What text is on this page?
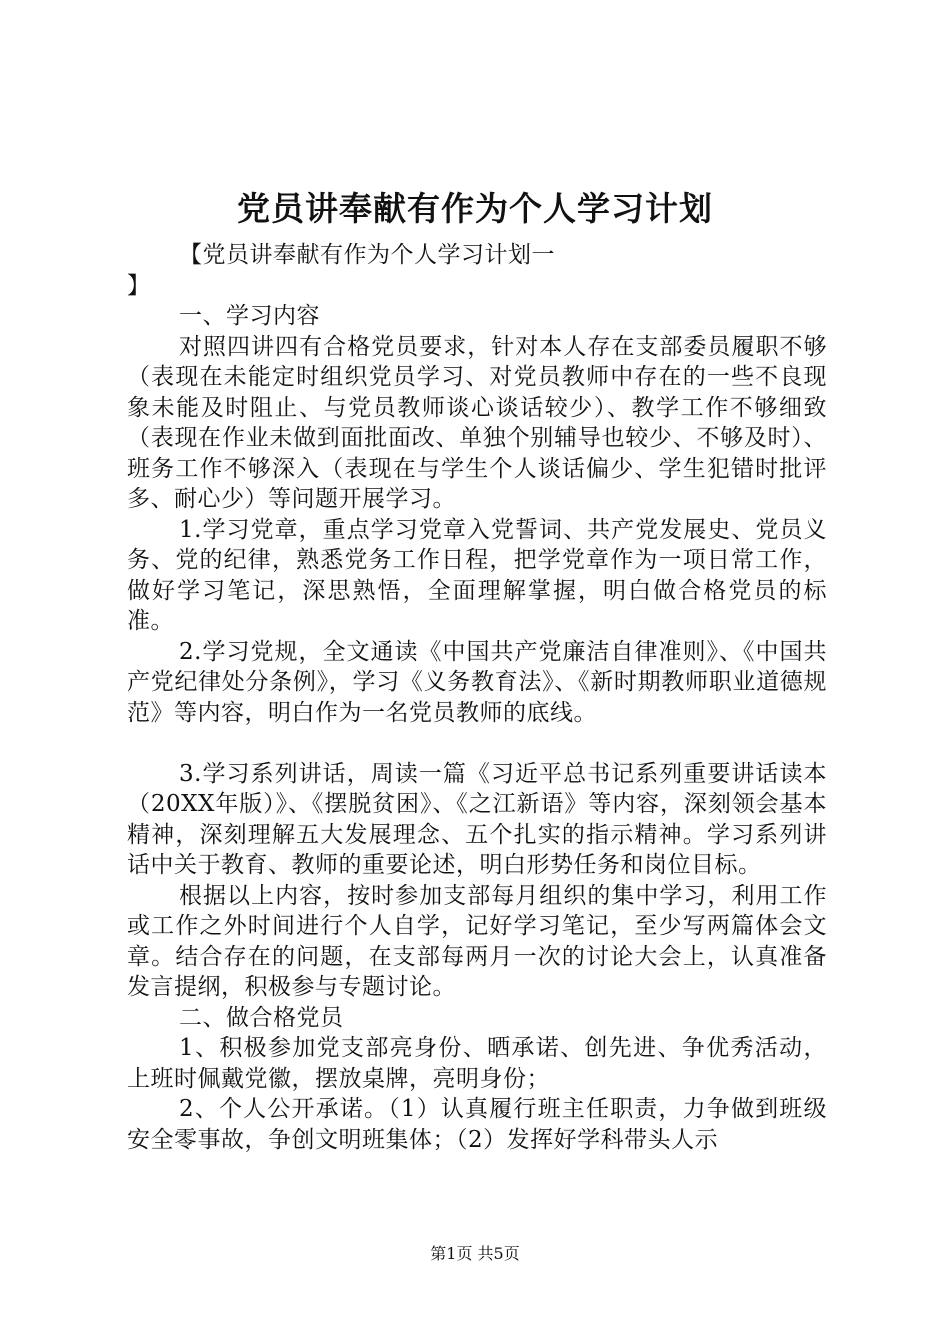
党员讲奉献有作为个人学习计划

【党员讲奉献有作为个人学习计划一

】

一、学习内容

对照四讲四有合格党员要求，针对本人存在支部委员履职不够（表现在未能定时组织党员学习、对党员教师中存在的一些不良现象未能及时阻止、与党员教师谈心谈话较少）、教学工作不够细致（表现在作业未做到面批面改、单独个别辅导也较少、不够及时）、班务工作不够深入（表现在与学生个人谈话偏少、学生犯错时批评多、耐心少）等问题开展学习。

1.学习党章，重点学习党章入党誓词、共产党发展史、党员义务、党的纪律，熟悉党务工作日程，把学党章作为一项日常工作，做好学习笔记，深思熟悟，全面理解掌握，明白做合格党员的标准。

2.学习党规，全文通读《中国共产党廉洁自律准则》、《中国共产党纪律处分条例》，学习《义务教育法》、《新时期教师职业道德规范》等内容，明白作为一名党员教师的底线。

3.学习系列讲话，周读一篇《习近平总书记系列重要讲话读本（20XX年版）》、《摆脱贫困》、《之江新语》等内容，深刻领会基本精神，深刻理解五大发展理念、五个扎实的指示精神。学习系列讲话中关于教育、教师的重要论述，明白形势任务和岗位目标。

根据以上内容，按时参加支部每月组织的集中学习，利用工作或工作之外时间进行个人自学，记好学习笔记，至少写两篇体会文章。结合存在的问题，在支部每两月一次的讨论大会上，认真准备发言提纲，积极参与专题讨论。

二、做合格党员

1、积极参加党支部亮身份、晒承诺、创先进、争优秀活动，上班时佩戴党徽，摆放桌牌，亮明身份；

2、个人公开承诺。（1）认真履行班主任职责，力争做到班级安全零事故，争创文明班集体；（2）发挥好学科带头人示

第1页 共5页
